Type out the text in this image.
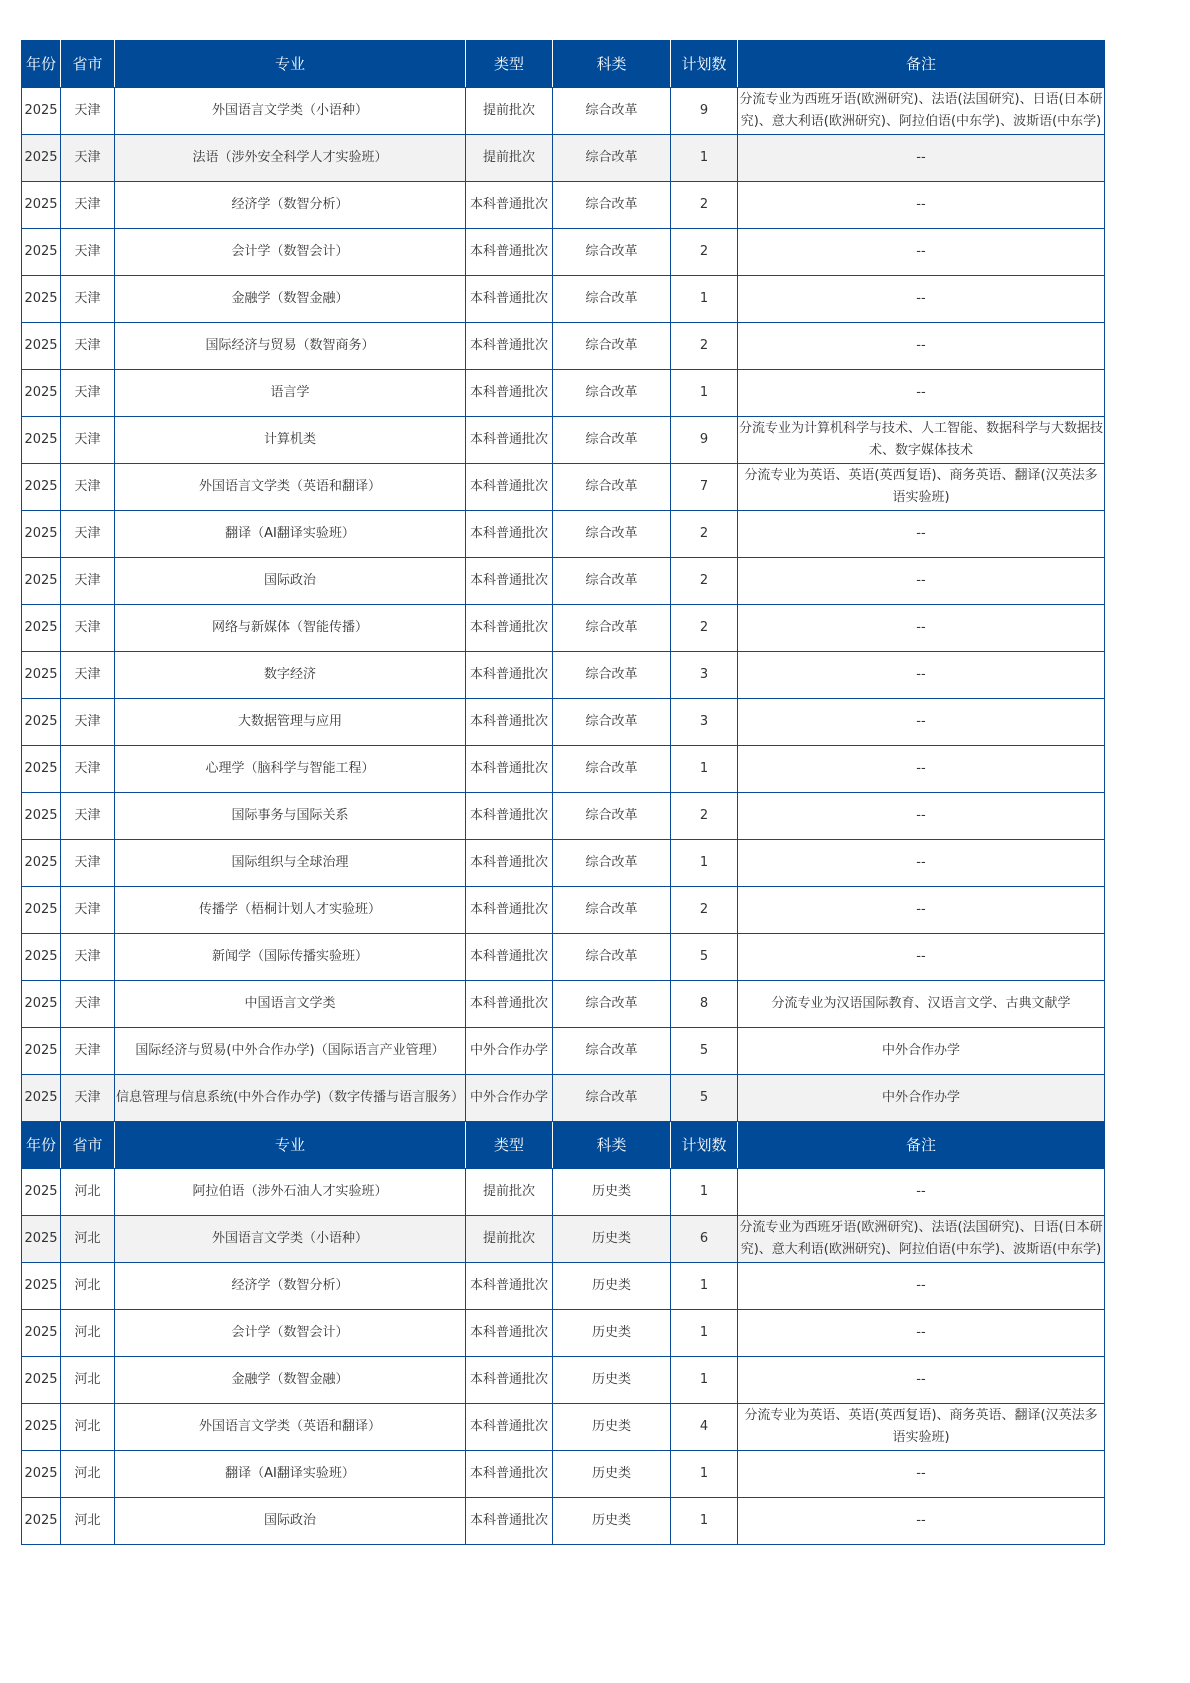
年份	省市	专业	类型	科类	计划数	备注
2025	天津	外国语言文学类（小语种）	提前批次	综合改革	9	分流专业为西班牙语(欧洲研究)、法语(法国研究)、日语(日本研究)、意大利语(欧洲研究)、阿拉伯语(中东学)、波斯语(中东学)
2025	天津	法语（涉外安全科学人才实验班）	提前批次	综合改革	1	--
2025	天津	经济学（数智分析）	本科普通批次	综合改革	2	--
2025	天津	会计学（数智会计）	本科普通批次	综合改革	2	--
2025	天津	金融学（数智金融）	本科普通批次	综合改革	1	--
2025	天津	国际经济与贸易（数智商务）	本科普通批次	综合改革	2	--
2025	天津	语言学	本科普通批次	综合改革	1	--
2025	天津	计算机类	本科普通批次	综合改革	9	分流专业为计算机科学与技术、人工智能、数据科学与大数据技术、数字媒体技术
2025	天津	外国语言文学类（英语和翻译）	本科普通批次	综合改革	7	分流专业为英语、英语(英西复语)、商务英语、翻译(汉英法多语实验班)
2025	天津	翻译（AI翻译实验班）	本科普通批次	综合改革	2	--
2025	天津	国际政治	本科普通批次	综合改革	2	--
2025	天津	网络与新媒体（智能传播）	本科普通批次	综合改革	2	--
2025	天津	数字经济	本科普通批次	综合改革	3	--
2025	天津	大数据管理与应用	本科普通批次	综合改革	3	--
2025	天津	心理学（脑科学与智能工程）	本科普通批次	综合改革	1	--
2025	天津	国际事务与国际关系	本科普通批次	综合改革	2	--
2025	天津	国际组织与全球治理	本科普通批次	综合改革	1	--
2025	天津	传播学（梧桐计划人才实验班）	本科普通批次	综合改革	2	--
2025	天津	新闻学（国际传播实验班）	本科普通批次	综合改革	5	--
2025	天津	中国语言文学类	本科普通批次	综合改革	8	分流专业为汉语国际教育、汉语言文学、古典文献学
2025	天津	国际经济与贸易(中外合作办学)（国际语言产业管理）	中外合作办学	综合改革	5	中外合作办学
2025	天津	信息管理与信息系统(中外合作办学)（数字传播与语言服务）	中外合作办学	综合改革	5	中外合作办学
年份	省市	专业	类型	科类	计划数	备注
2025	河北	阿拉伯语（涉外石油人才实验班）	提前批次	历史类	1	--
2025	河北	外国语言文学类（小语种）	提前批次	历史类	6	分流专业为西班牙语(欧洲研究)、法语(法国研究)、日语(日本研究)、意大利语(欧洲研究)、阿拉伯语(中东学)、波斯语(中东学)
2025	河北	经济学（数智分析）	本科普通批次	历史类	1	--
2025	河北	会计学（数智会计）	本科普通批次	历史类	1	--
2025	河北	金融学（数智金融）	本科普通批次	历史类	1	--
2025	河北	外国语言文学类（英语和翻译）	本科普通批次	历史类	4	分流专业为英语、英语(英西复语)、商务英语、翻译(汉英法多语实验班)
2025	河北	翻译（AI翻译实验班）	本科普通批次	历史类	1	--
2025	河北	国际政治	本科普通批次	历史类	1	--
